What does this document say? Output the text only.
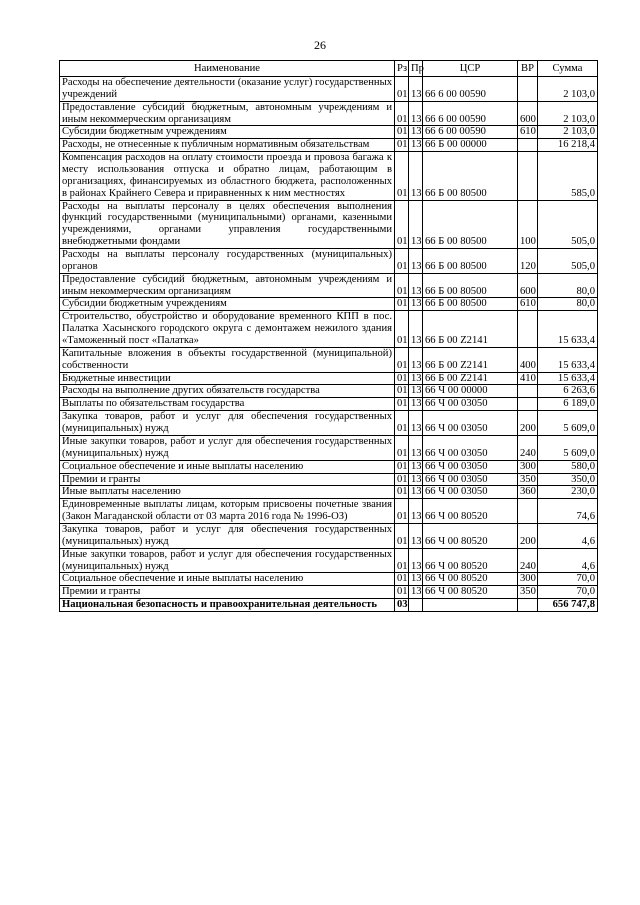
26
Наименование	Рз	Пр	ЦСР	ВР	Сумма
Расходы на обеспечение деятельности (оказание услуг) государственных учреждений	01	13	66 6 00 00590		2 103,0
Предоставление субсидий бюджетным, автономным учреждениям и иным некоммерческим организациям	01	13	66 6 00 00590	600	2 103,0
Субсидии бюджетным учреждениям	01	13	66 6 00 00590	610	2 103,0
Расходы, не отнесенные к публичным нормативным обязательствам	01	13	66 Б 00 00000		16 218,4
Компенсация расходов на оплату стоимости проезда и провоза багажа к месту использования отпуска и обратно лицам, работающим в организациях, финансируемых из областного бюджета, расположенных в районах Крайнего Севера и приравненных к ним местностях	01	13	66 Б 00 80500		585,0
Расходы на выплаты персоналу в целях обеспечения выполнения функций государственными (муниципальными) органами, казенными учреждениями, органами управления государственными внебюджетными фондами	01	13	66 Б 00 80500	100	505,0
Расходы на выплаты персоналу государственных (муниципальных) органов	01	13	66 Б 00 80500	120	505,0
Предоставление субсидий бюджетным, автономным учреждениям и иным некоммерческим организациям	01	13	66 Б 00 80500	600	80,0
Субсидии бюджетным учреждениям	01	13	66 Б 00 80500	610	80,0
Строительство, обустройство и оборудование временного КПП в пос. Палатка Хасынского городского округа с демонтажем нежилого здания «Таможенный пост «Палатка»	01	13	66 Б 00 Z2141		15 633,4
Капитальные вложения в объекты государственной (муниципальной) собственности	01	13	66 Б 00 Z2141	400	15 633,4
Бюджетные инвестиции	01	13	66 Б 00 Z2141	410	15 633,4
Расходы на выполнение других обязательств государства	01	13	66 Ч 00 00000		6 263,6
Выплаты по обязательствам государства	01	13	66 Ч 00 03050		6 189,0
Закупка товаров, работ и услуг для обеспечения государственных (муниципальных) нужд	01	13	66 Ч 00 03050	200	5 609,0
Иные закупки товаров, работ и услуг для обеспечения государственных (муниципальных) нужд	01	13	66 Ч 00 03050	240	5 609,0
Социальное обеспечение и иные выплаты населению	01	13	66 Ч 00 03050	300	580,0
Премии и гранты	01	13	66 Ч 00 03050	350	350,0
Иные выплаты населению	01	13	66 Ч 00 03050	360	230,0
Единовременные выплаты лицам, которым присвоены почетные звания (Закон Магаданской области от 03 марта 2016 года № 1996-ОЗ)	01	13	66 Ч 00 80520		74,6
Закупка товаров, работ и услуг для обеспечения государственных (муниципальных) нужд	01	13	66 Ч 00 80520	200	4,6
Иные закупки товаров, работ и услуг для обеспечения государственных (муниципальных) нужд	01	13	66 Ч 00 80520	240	4,6
Социальное обеспечение и иные выплаты населению	01	13	66 Ч 00 80520	300	70,0
Премии и гранты	01	13	66 Ч 00 80520	350	70,0
Национальная безопасность и правоохранительная деятельность	03				656 747,8
